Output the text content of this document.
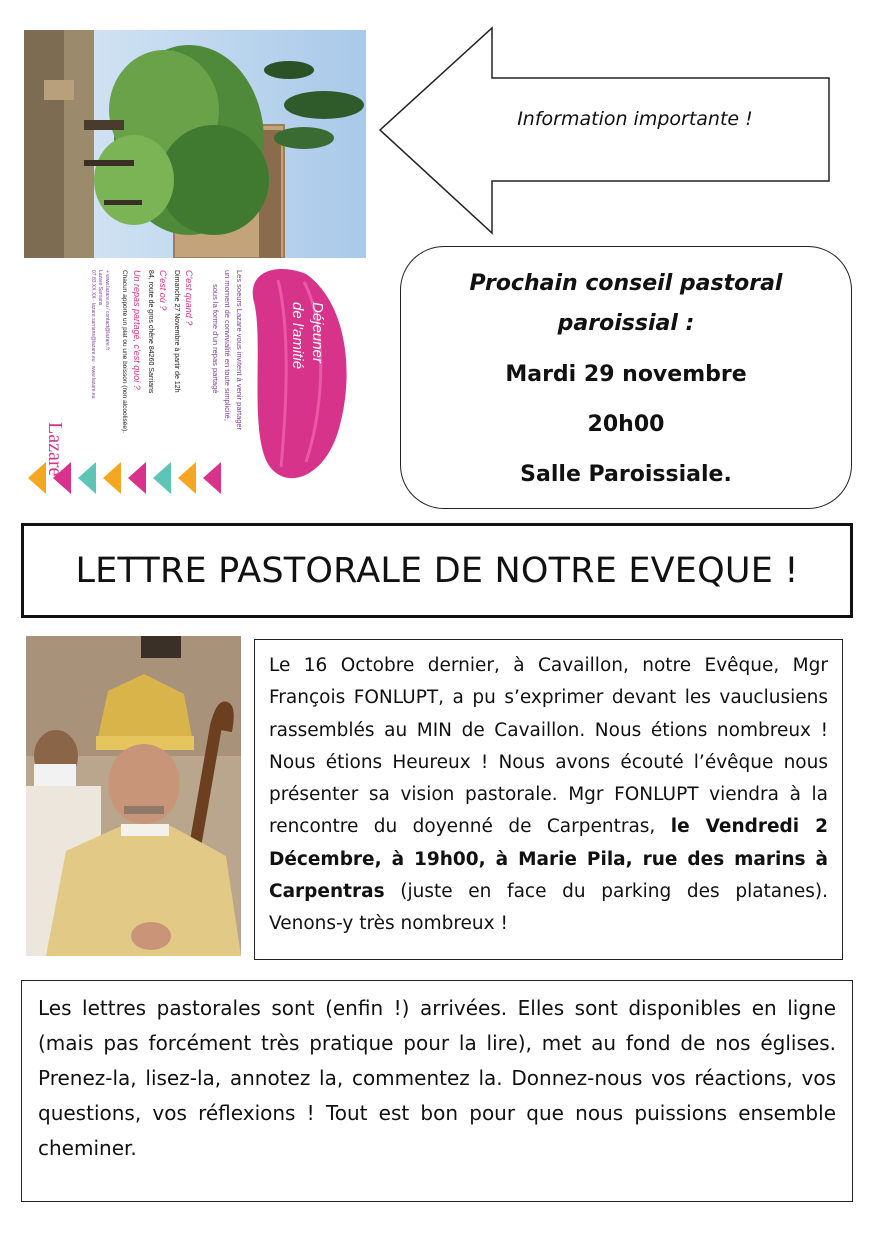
Déjeuner
de l'amitié
Les soeurs Lazare vous invitent à venir partager
un moment de convivialité en toute simplicité,
sous la forme d'un repas partagé
C'est quand ?
Dimanche 27 Novembre à partir de 12h
C'est où ?
84, route de gros chêne 84260 Sarrians
Un repas partagé, c'est quoi ?
Chacun apporte un plat ou une boisson (non alcoolisée).
+ www.lazare.eu / contact@lazare.fr
Lazare Sarrians
07.83.XX.XX · lazare.sarrians@lazare.eu · www.lazare.eu
Lazare
Information importante !
Prochain conseil pastoral
paroissial :
Mardi 29 novembre
20h00
Salle Paroissiale.
LETTRE PASTORALE DE NOTRE EVEQUE !
Le 16 Octobre dernier, à Cavaillon, notre Evêque, Mgr François FONLUPT, a pu s’exprimer devant les vauclusiens rassemblés au MIN de Cavaillon. Nous étions nombreux ! Nous étions Heureux ! Nous avons écouté l’évêque nous présenter sa vision pastorale. Mgr FONLUPT viendra à la rencontre du doyenné de Carpentras, le Vendredi 2 Décembre, à 19h00, à Marie Pila, rue des marins à Carpentras (juste en face du parking des platanes). Venons-y très nombreux !
Les lettres pastorales sont (enfin !) arrivées. Elles sont disponibles en ligne (mais pas forcément très pratique pour la lire), met au fond de nos églises. Prenez-la, lisez-la, annotez la, commentez la. Donnez-nous vos réactions, vos questions, vos réflexions ! Tout est bon pour que nous puissions ensemble cheminer.
